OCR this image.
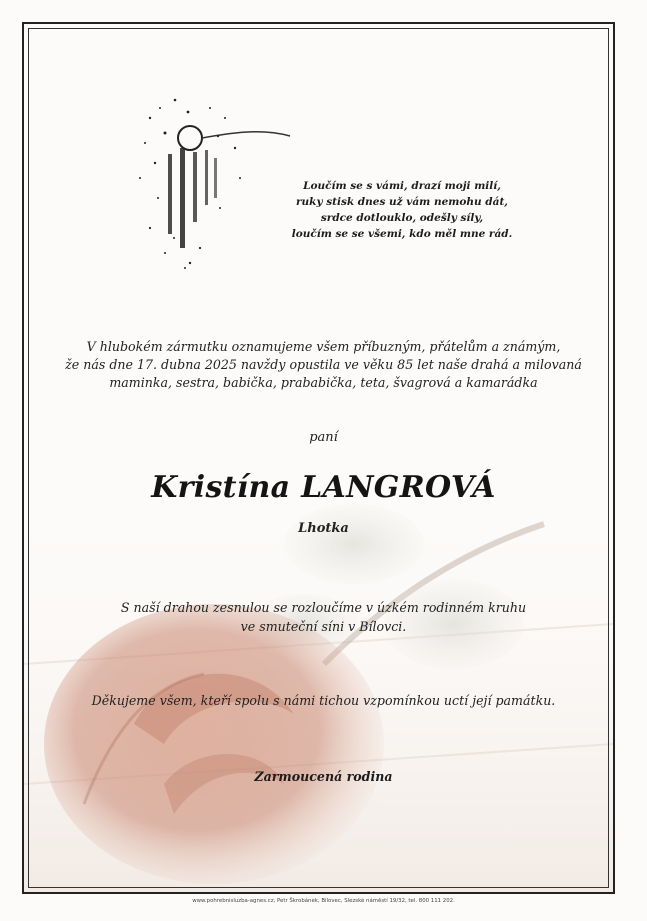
Loučím se s vámi, drazí moji milí,
ruky stisk dnes už vám nemohu dát,
srdce dotlouklo, odešly síly,
loučím se se všemi, kdo měl mne rád.
V hlubokém zármutku oznamujeme všem příbuzným, přátelům a známým,
že nás dne 17. dubna 2025 navždy opustila ve věku 85 let naše drahá a milovaná
maminka, sestra, babička, prababička, teta, švagrová a kamarádka
paní
Kristína LANGROVÁ
Lhotka
S naší drahou zesnulou se rozloučíme v úzkém rodinném kruhu
ve smuteční síni v Bílovci.
Děkujeme všem, kteří spolu s námi tichou vzpomínkou uctí její památku.
Zarmoucená rodina
www.pohrebnisluzba-agnes.cz, Petr Škrobánek, Bílovec, Slezské náměstí 19/32, tel. 800 111 202.
